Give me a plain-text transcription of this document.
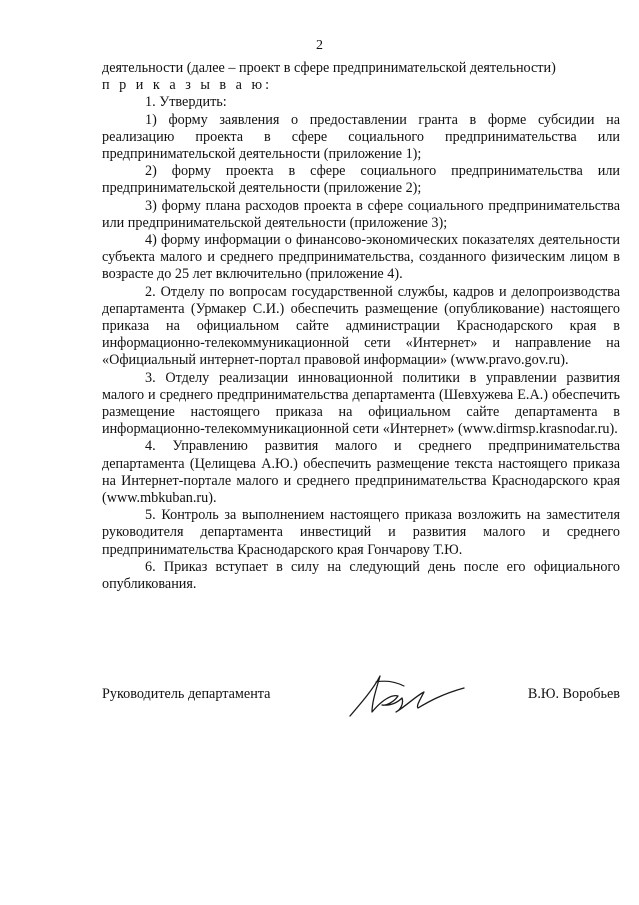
2

деятельности (далее – проект в сфере предпринимательской деятельности)

п р и к а з ы в а ю:

1. Утвердить:

1) форму заявления о предоставлении гранта в форме субсидии на реализацию проекта в сфере социального предпринимательства или предпринимательской деятельности (приложение 1);

2) форму проекта в сфере социального предпринимательства или предпринимательской деятельности (приложение 2);

3) форму плана расходов проекта в сфере социального предпринимательства или предпринимательской деятельности (приложение 3);

4) форму информации о финансово-экономических показателях деятельности субъекта малого и среднего предпринимательства, созданного физическим лицом в возрасте до 25 лет включительно (приложение 4).

2. Отделу по вопросам государственной службы, кадров и делопроизводства департамента (Урмакер С.И.) обеспечить размещение (опубликование) настоящего приказа на официальном сайте администрации Краснодарского края в информационно-телекоммуникационной сети «Интернет» и направление на «Официальный интернет-портал правовой информации» (www.pravo.gov.ru).

3. Отделу реализации инновационной политики в управлении развития малого и среднего предпринимательства департамента (Шевхужева Е.А.) обеспечить размещение настоящего приказа на официальном сайте департамента в информационно-телекоммуникационной сети «Интернет» (www.dirmsp.krasnodar.ru).

4. Управлению развития малого и среднего предпринимательства департамента (Целищева А.Ю.) обеспечить размещение текста настоящего приказа на Интернет-портале малого и среднего предпринимательства Краснодарского края (www.mbkuban.ru).

5. Контроль за выполнением настоящего приказа возложить на заместителя руководителя департамента инвестиций и развития малого и среднего предпринимательства Краснодарского края Гончарову Т.Ю.

6. Приказ вступает в силу на следующий день после его официального опубликования.

Руководитель департамента	В.Ю. Воробьев
